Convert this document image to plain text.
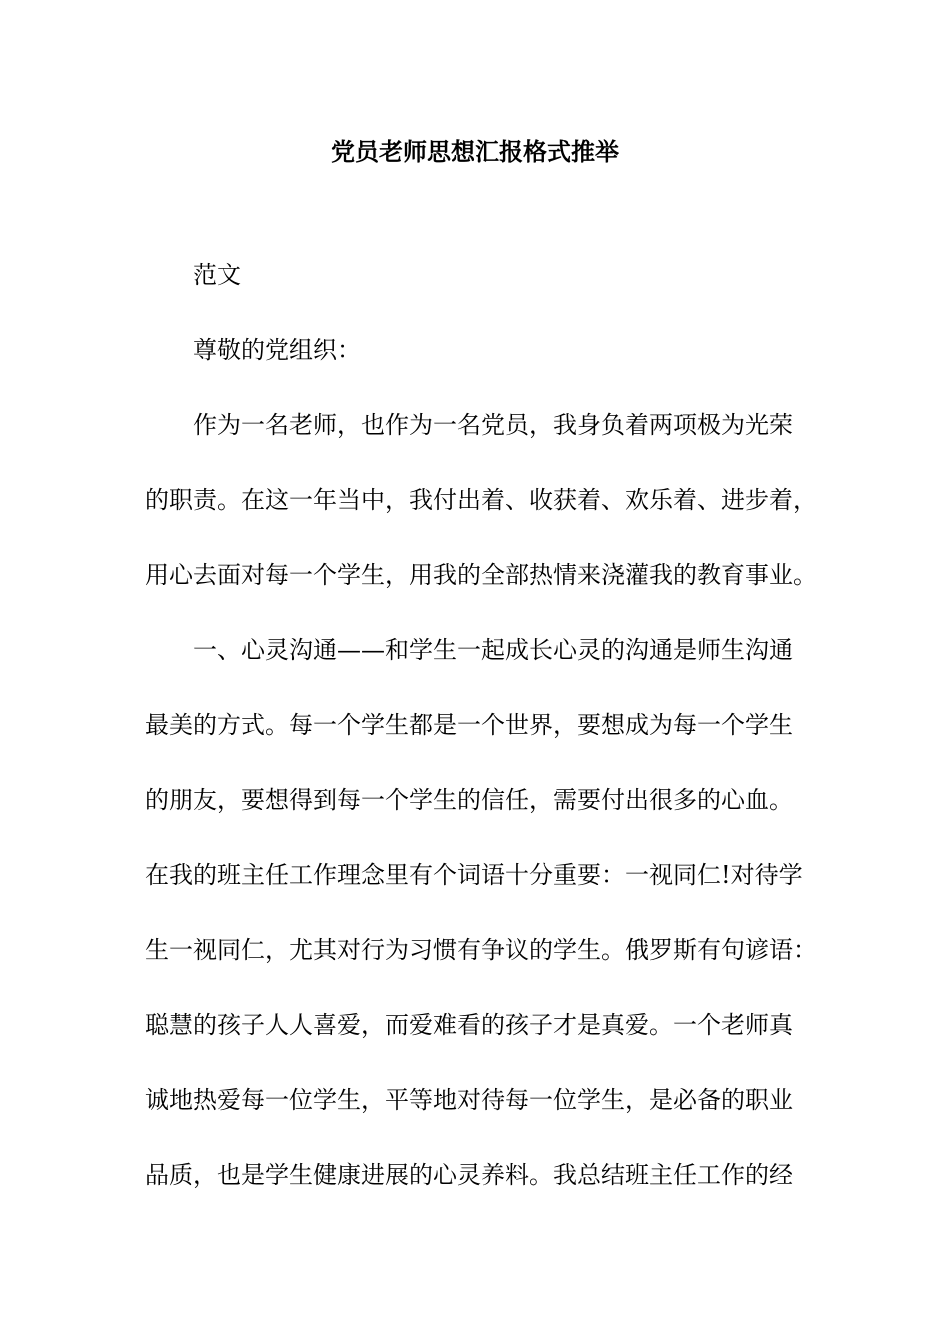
党员老师思想汇报格式推举

范文

尊敬的党组织：

作为一名老师，也作为一名党员，我身负着两项极为光荣

的职责。在这一年当中，我付出着、收获着、欢乐着、进步着，

用心去面对每一个学生，用我的全部热情来浇灌我的教育事业。

一、心灵沟通——和学生一起成长心灵的沟通是师生沟通

最美的方式。每一个学生都是一个世界，要想成为每一个学生

的朋友，要想得到每一个学生的信任，需要付出很多的心血。

在我的班主任工作理念里有个词语十分重要：一视同仁!对待学

生一视同仁，尤其对行为习惯有争议的学生。俄罗斯有句谚语：

聪慧的孩子人人喜爱，而爱难看的孩子才是真爱。一个老师真

诚地热爱每一位学生，平等地对待每一位学生，是必备的职业

品质，也是学生健康进展的心灵养料。我总结班主任工作的经
